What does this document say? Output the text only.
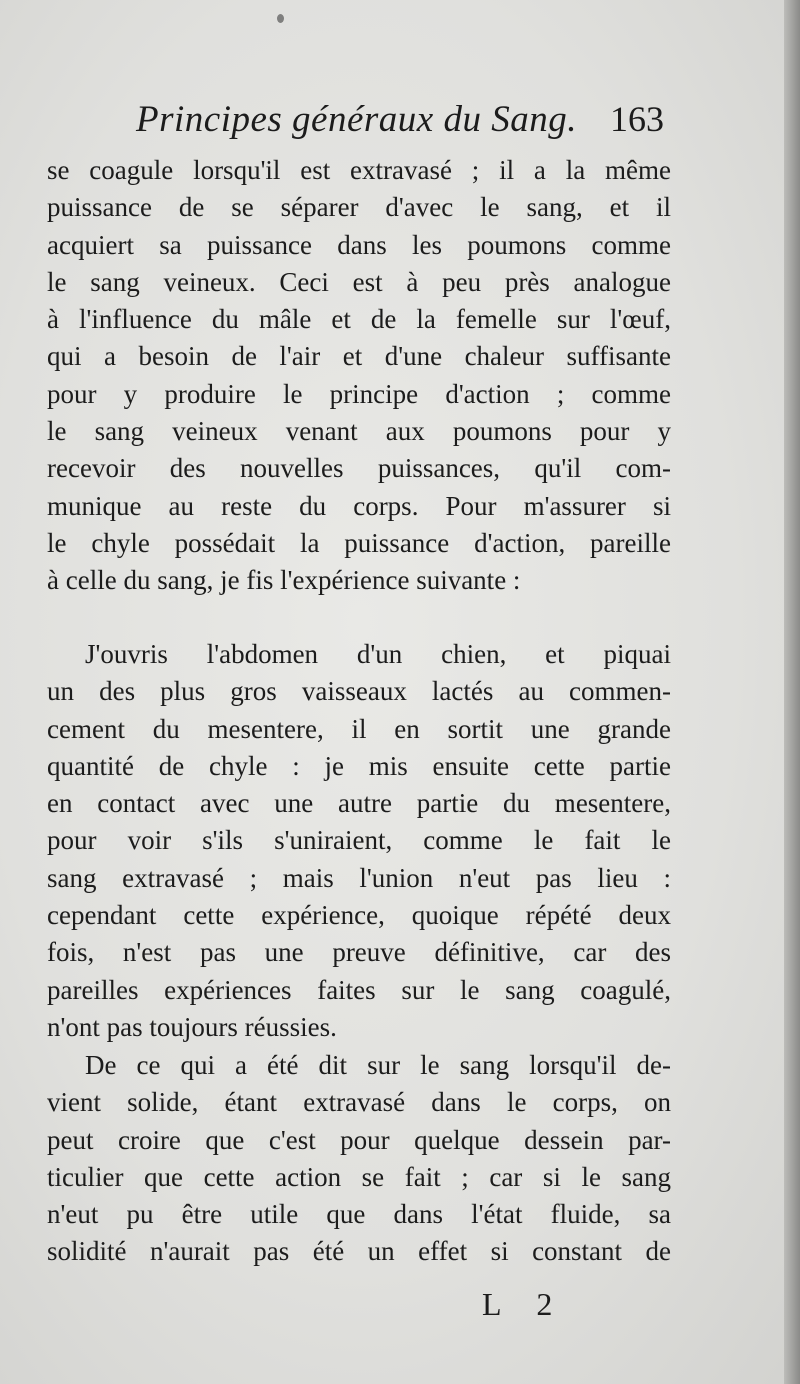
Principes généraux du Sang. 163
se coagule lorsqu'il est extravasé ; il a la même
puissance de se séparer d'avec le sang, et il
acquiert sa puissance dans les poumons comme
le sang veineux. Ceci est à peu près analogue
à l'influence du mâle et de la femelle sur l'œuf,
qui a besoin de l'air et d'une chaleur suffisante
pour y produire le principe d'action ; comme
le sang veineux venant aux poumons pour y
recevoir des nouvelles puissances, qu'il com-
munique au reste du corps. Pour m'assurer si
le chyle possédait la puissance d'action, pareille
à celle du sang, je fis l'expérience suivante :
J'ouvris l'abdomen d'un chien, et piquai
un des plus gros vaisseaux lactés au commen-
cement du mesentere, il en sortit une grande
quantité de chyle : je mis ensuite cette partie
en contact avec une autre partie du mesentere,
pour voir s'ils s'uniraient, comme le fait le
sang extravasé ; mais l'union n'eut pas lieu :
cependant cette expérience, quoique répété deux
fois, n'est pas une preuve définitive, car des
pareilles expériences faites sur le sang coagulé,
n'ont pas toujours réussies.
De ce qui a été dit sur le sang lorsqu'il de-
vient solide, étant extravasé dans le corps, on
peut croire que c'est pour quelque dessein par-
ticulier que cette action se fait ; car si le sang
n'eut pu être utile que dans l'état fluide, sa
solidité n'aurait pas été un effet si constant de
L 2
